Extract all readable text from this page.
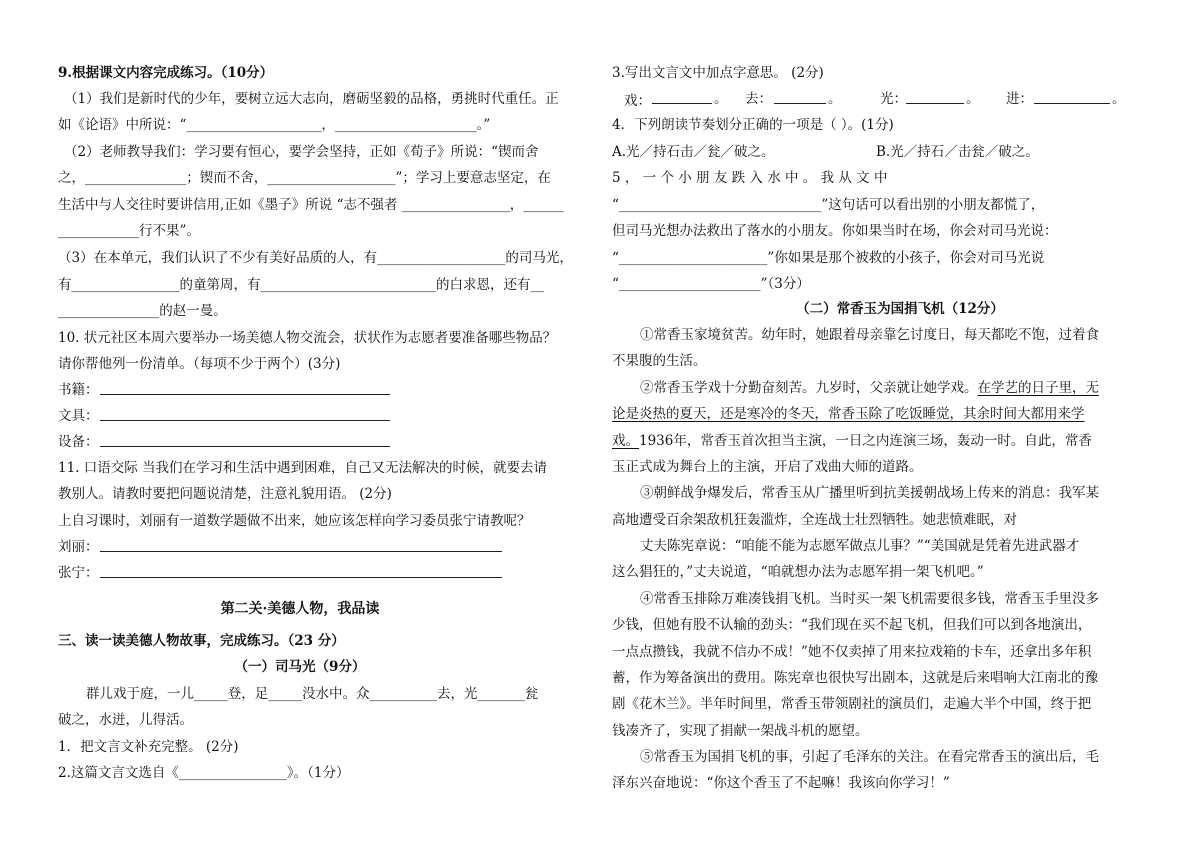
9.根据课文内容完成练习。（10分）
（1）我们是新时代的少年，要树立远大志向，磨砺坚毅的品格，勇挑时代重任。正
如《论语》中所说：“____________________，_____________________。”
（2）老师教导我们：学习要有恒心，要学会坚持，正如《荀子》所说：“锲而舍
之，_______________；锲而不舍，___________________”；学习上要意志坚定，在
生活中与人交往时要讲信用,正如《墨子》所说 “志不强者 ________________，______
____________行不果”。
（3）在本单元，我们认识了不少有美好品质的人，有___________________的司马光，
有________________的童第周，有__________________________的白求恩，还有__
_______________的赵一曼。
10. 状元社区本周六要举办一场美德人物交流会，状状作为志愿者要准备哪些物品？
请你帮他列一份清单。（每项不少于两个）(3分)
书籍：
文具：
设备：
11. 口语交际 当我们在学习和生活中遇到困难，自己又无法解决的时候，就要去请
教别人。请教时要把问题说清楚，注意礼貌用语。 (2分)
上自习课时，刘丽有一道数学题做不出来，她应该怎样向学习委员张宁请教呢？
刘丽：
张宁：
第二关·美德人物，我品读
三、读一读美德人物故事，完成练习。（23 分）
（一）司马光（9分）
群儿戏于庭，一儿_____登，足_____没水中。众__________去，光_______瓮
破之，水迸，儿得活。
1．把文言文补充完整。 (2分)
2.这篇文言文选自《________________》。（1分）
3.写出文言文中加点字意思。 (2分)
戏：	。 去：	。	光：	。 进：	。
4．下列朗读节奏划分正确的一项是（ ）。(1分)
A.光／持石击／瓮／破之。	B.光／持石／击瓮／破之。
5 ， 一 个 小 朋 友 跌 入 水 中 。 我 从 文 中
“______________________________”这句话可以看出别的小朋友都慌了，
但司马光想办法救出了落水的小朋友。你如果当时在场，你会对司马光说：
“______________________”你如果是那个被救的小孩子，你会对司马光说
“_____________________”（3分）
（二）常香玉为国捐飞机（12分）
①常香玉家境贫苦。幼年时，她跟着母亲靠乞讨度日，每天都吃不饱，过着食
不果腹的生活。
②常香玉学戏十分勤奋刻苦。九岁时，父亲就让她学戏。在学艺的日子里，无
论是炎热的夏天，还是寒冷的冬天，常香玉除了吃饭睡觉，其余时间大都用来学
戏。1936年，常香玉首次担当主演，一日之内连演三场，轰动一时。自此，常香
玉正式成为舞台上的主演，开启了戏曲大师的道路。
③朝鲜战争爆发后，常香玉从广播里听到抗美援朝战场上传来的消息：我军某
高地遭受百余架敌机狂轰滥炸，全连战士壮烈牺牲。她悲愤难眠，对
丈夫陈宪章说：“咱能不能为志愿军做点儿事？”“美国就是凭着先进武器才
这么猖狂的，”丈夫说道，“咱就想办法为志愿军捐一架飞机吧。”
④常香玉排除万难凑钱捐飞机。当时买一架飞机需要很多钱，常香玉手里没多
少钱，但她有股不认输的劲头：“我们现在买不起飞机，但我们可以到各地演出，
一点点攒钱，我就不信办不成！”她不仅卖掉了用来拉戏箱的卡车，还拿出多年积
蓄，作为筹备演出的费用。陈宪章也很快写出剧本，这就是后来唱响大江南北的豫
剧《花木兰》。半年时间里，常香玉带领剧社的演员们，走遍大半个中国，终于把
钱凑齐了，实现了捐献一架战斗机的愿望。
⑤常香玉为国捐飞机的事，引起了毛泽东的关注。在看完常香玉的演出后，毛
泽东兴奋地说：“你这个香玉了不起嘛！我该向你学习！”
